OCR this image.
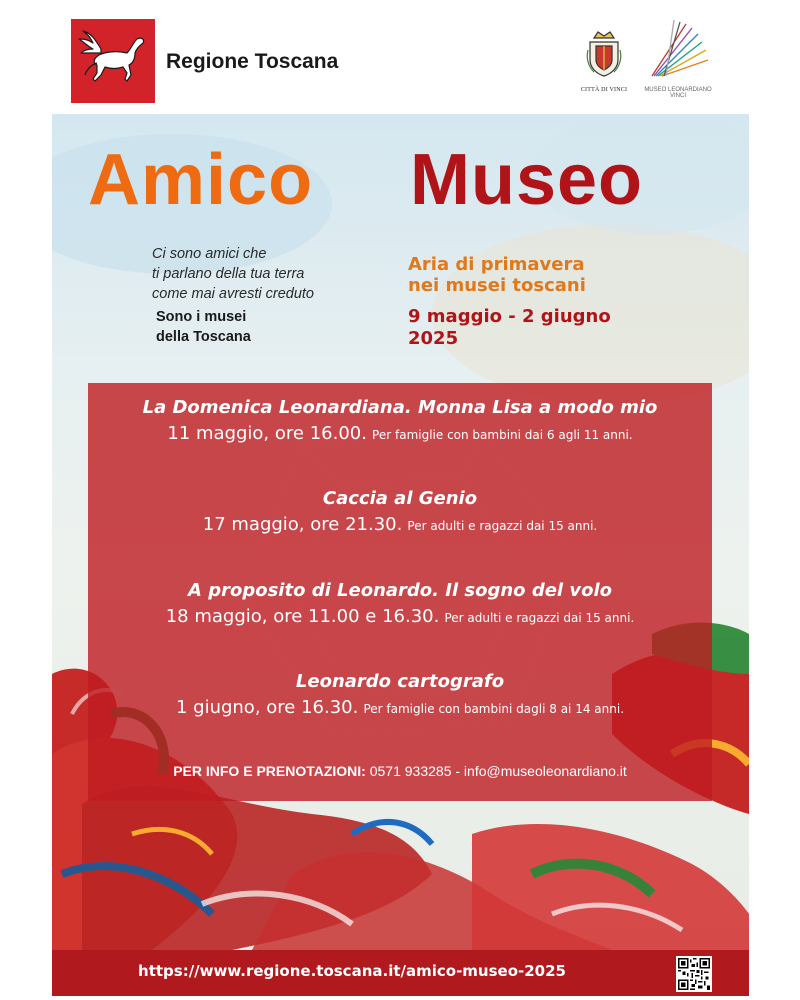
Regione Toscana
CITTÀ DI VINCI	MUSEO LEONARDIANO VINCI
Amico Museo
Ci sono amici che
ti parlano della tua terra
come mai avresti creduto
Sono i musei
della Toscana
Aria di primavera
nei musei toscani
9 maggio - 2 giugno
2025
La Domenica Leonardiana. Monna Lisa a modo mio
11 maggio, ore 16.00. Per famiglie con bambini dai 6 agli 11 anni.
Caccia al Genio
17 maggio, ore 21.30. Per adulti e ragazzi dai 15 anni.
A proposito di Leonardo. Il sogno del volo
18 maggio, ore 11.00 e 16.30. Per adulti e ragazzi dai 15 anni.
Leonardo cartografo
1 giugno, ore 16.30. Per famiglie con bambini dagli 8 ai 14 anni.
PER INFO E PRENOTAZIONI: 0571 933285 - info@museoleonardiano.it
https://www.regione.toscana.it/amico-museo-2025
